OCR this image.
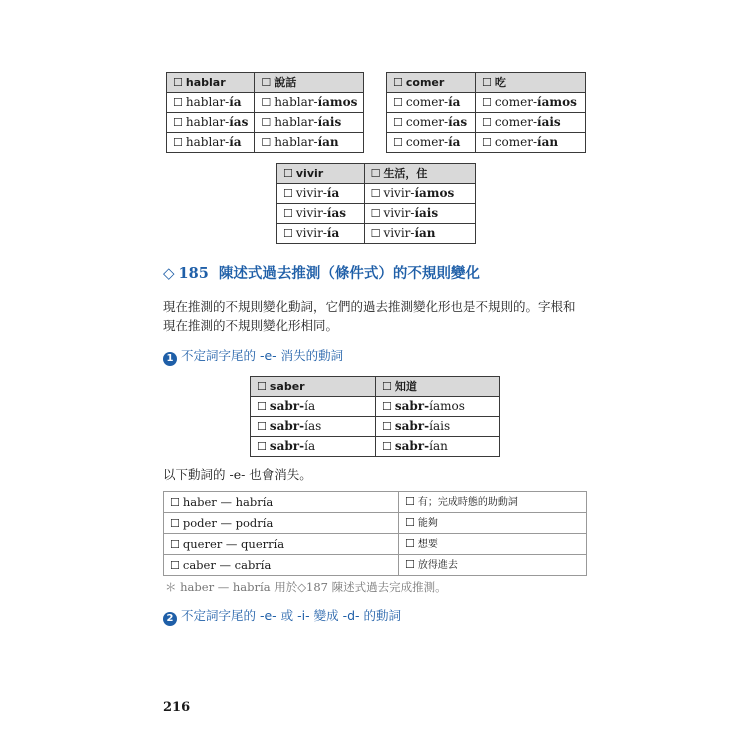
☐ hablar	☐ 說話
☐ hablar-ía	☐ hablar-íamos
☐ hablar-ías	☐ hablar-íais
☐ hablar-ía	☐ hablar-ían
☐ comer	☐ 吃
☐ comer-ía	☐ comer-íamos
☐ comer-ías	☐ comer-íais
☐ comer-ía	☐ comer-ían
☐ vivir	☐ 生活，住
☐ vivir-ía	☐ vivir-íamos
☐ vivir-ías	☐ vivir-íais
☐ vivir-ía	☐ vivir-ían
◇ 185 陳述式過去推測（條件式）的不規則變化
現在推測的不規則變化動詞，它們的過去推測變化形也是不規則的。字根和
現在推測的不規則變化形相同。
1 不定詞字尾的 -e- 消失的動詞
☐ saber	☐ 知道
☐ sabr-ía	☐ sabr-íamos
☐ sabr-ías	☐ sabr-íais
☐ sabr-ía	☐ sabr-ían
以下動詞的 -e- 也會消失。
☐ haber — habría	☐ 有；完成時態的助動詞
☐ poder — podría	☐ 能夠
☐ querer — querría	☐ 想要
☐ caber — cabría	☐ 放得進去
＊ haber — habría 用於◇187 陳述式過去完成推測。
2 不定詞字尾的 -e- 或 -i- 變成 -d- 的動詞
216
